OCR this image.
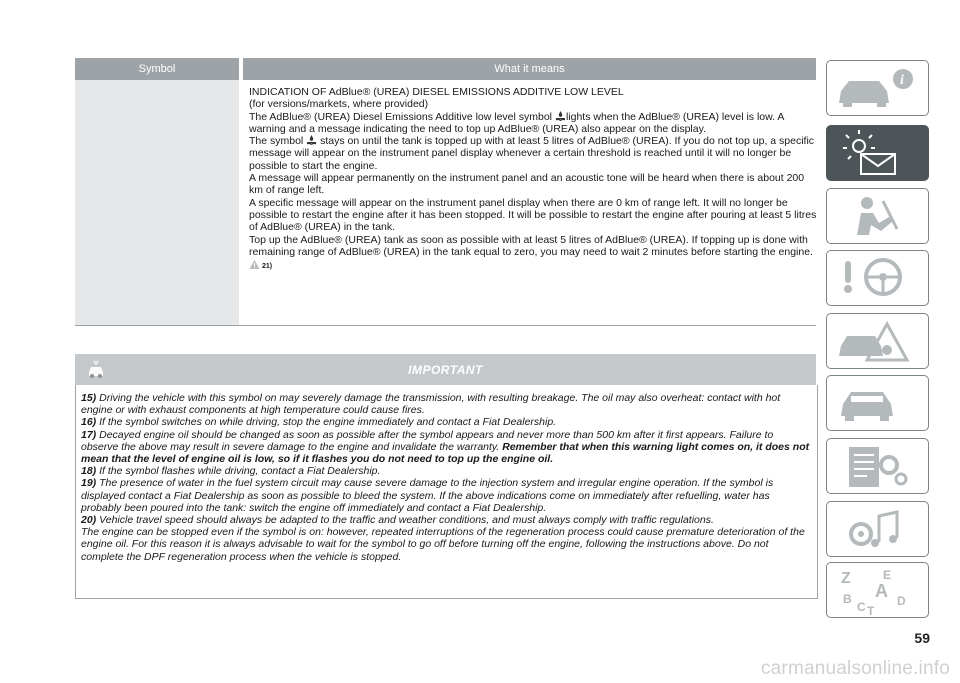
Symbol	What it means

INDICATION OF AdBlue® (UREA) DIESEL EMISSIONS ADDITIVE LOW LEVEL

(for versions/markets, where provided)

The AdBlue® (UREA) Diesel Emissions Additive low level symbol lights when the AdBlue® (UREA) level is low. A warning and a message indicating the need to top up AdBlue® (UREA) also appear on the display.

The symbol stays on until the tank is topped up with at least 5 litres of AdBlue® (UREA). If you do not top up, a specific message will appear on the instrument panel display whenever a certain threshold is reached until it will no longer be possible to start the engine.

A message will appear permanently on the instrument panel and an acoustic tone will be heard when there is about 200 km of range left.

A specific message will appear on the instrument panel display when there are 0 km of range left. It will no longer be possible to restart the engine after it has been stopped. It will be possible to restart the engine after pouring at least 5 litres of AdBlue® (UREA) in the tank.

Top up the AdBlue® (UREA) tank as soon as possible with at least 5 litres of AdBlue® (UREA). If topping up is done with remaining range of AdBlue® (UREA) in the tank equal to zero, you may need to wait 2 minutes before starting the engine.

21)
IMPORTANT

15) Driving the vehicle with this symbol on may severely damage the transmission, with resulting breakage. The oil may also overheat: contact with hot engine or with exhaust components at high temperature could cause fires.

16) If the symbol switches on while driving, stop the engine immediately and contact a Fiat Dealership.

17) Decayed engine oil should be changed as soon as possible after the symbol appears and never more than 500 km after it first appears. Failure to observe the above may result in severe damage to the engine and invalidate the warranty. Remember that when this warning light comes on, it does not mean that the level of engine oil is low, so if it flashes you do not need to top up the engine oil.

18) If the symbol flashes while driving, contact a Fiat Dealership.

19) The presence of water in the fuel system circuit may cause severe damage to the injection system and irregular engine operation. If the symbol is displayed contact a Fiat Dealership as soon as possible to bleed the system. If the above indications come on immediately after refuelling, water has probably been poured into the tank: switch the engine off immediately and contact a Fiat Dealership.

20) Vehicle travel speed should always be adapted to the traffic and weather conditions, and must always comply with traffic regulations.

The engine can be stopped even if the symbol is on: however, repeated interruptions of the regeneration process could cause premature deterioration of the engine oil. For this reason it is always advisable to wait for the symbol to go off before turning off the engine, following the instructions above. Do not complete the DPF regeneration process when the vehicle is stopped.

i
Z	E
A
B
C	D
T
59
carmanualsonline.info
